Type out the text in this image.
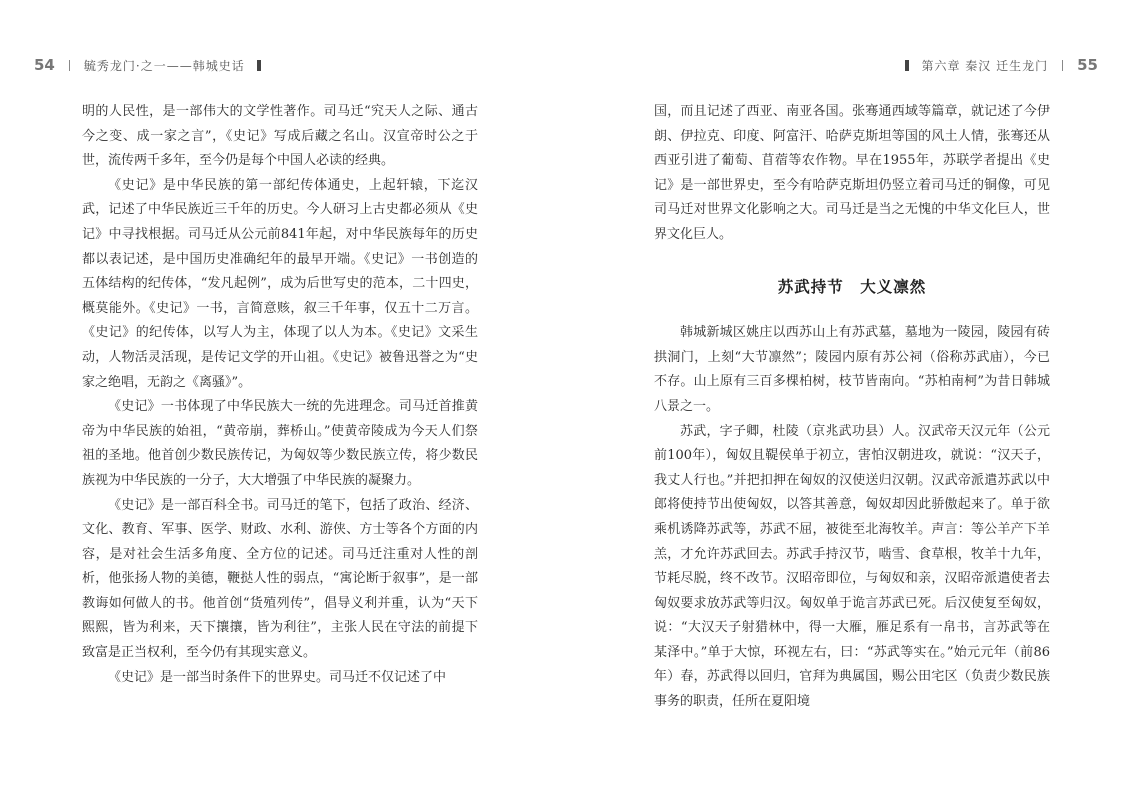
54 毓秀龙门·之一——韩城史话

明的人民性，是一部伟大的文学性著作。司马迁“究天人之际、通古今之变、成一家之言”，《史记》写成后藏之名山。汉宣帝时公之于世，流传两千多年，至今仍是每个中国人必读的经典。

《史记》是中华民族的第一部纪传体通史，上起轩辕，下迄汉武，记述了中华民族近三千年的历史。今人研习上古史都必须从《史记》中寻找根据。司马迁从公元前841年起，对中华民族每年的历史都以表记述，是中国历史准确纪年的最早开端。《史记》一书创造的五体结构的纪传体，“发凡起例”，成为后世写史的范本，二十四史，概莫能外。《史记》一书，言简意赅，叙三千年事，仅五十二万言。《史记》的纪传体，以写人为主，体现了以人为本。《史记》文采生动，人物活灵活现，是传记文学的开山祖。《史记》被鲁迅誉之为“史家之绝唱，无韵之《离骚》”。

《史记》一书体现了中华民族大一统的先进理念。司马迁首推黄帝为中华民族的始祖，“黄帝崩，葬桥山。”使黄帝陵成为今天人们祭祖的圣地。他首创少数民族传记，为匈奴等少数民族立传，将少数民族视为中华民族的一分子，大大增强了中华民族的凝聚力。

《史记》是一部百科全书。司马迁的笔下，包括了政治、经济、文化、教育、军事、医学、财政、水利、游侠、方士等各个方面的内容，是对社会生活多角度、全方位的记述。司马迁注重对人性的剖析，他张扬人物的美德，鞭挞人性的弱点，“寓论断于叙事”，是一部教诲如何做人的书。他首创“货殖列传”，倡导义利并重，认为“天下熙熙，皆为利来，天下攘攘，皆为利往”，主张人民在守法的前提下致富是正当权利，至今仍有其现实意义。

《史记》是一部当时条件下的世界史。司马迁不仅记述了中

第六章 秦汉 迁生龙门 55

国，而且记述了西亚、南亚各国。张骞通西域等篇章，就记述了今伊朗、伊拉克、印度、阿富汗、哈萨克斯坦等国的风土人情，张骞还从西亚引进了葡萄、苜蓿等农作物。早在1955年，苏联学者提出《史记》是一部世界史，至今有哈萨克斯坦仍竖立着司马迁的铜像，可见司马迁对世界文化影响之大。司马迁是当之无愧的中华文化巨人，世界文化巨人。

苏武持节　大义凛然

韩城新城区姚庄以西苏山上有苏武墓，墓地为一陵园，陵园有砖拱洞门，上刻“大节凛然”；陵园内原有苏公祠（俗称苏武庙），今已不存。山上原有三百多棵柏树，枝节皆南向。“苏柏南柯”为昔日韩城八景之一。

苏武，字子卿，杜陵（京兆武功县）人。汉武帝天汉元年（公元前100年），匈奴且鞮侯单于初立，害怕汉朝进攻，就说：“汉天子，我丈人行也。”并把扣押在匈奴的汉使送归汉朝。汉武帝派遣苏武以中郎将使持节出使匈奴，以答其善意，匈奴却因此骄傲起来了。单于欲乘机诱降苏武等，苏武不屈，被徙至北海牧羊。声言：等公羊产下羊羔，才允许苏武回去。苏武手持汉节，啮雪、食草根，牧羊十九年，节耗尽脱，终不改节。汉昭帝即位，与匈奴和亲，汉昭帝派遣使者去匈奴要求放苏武等归汉。匈奴单于诡言苏武已死。后汉使复至匈奴，说：“大汉天子射猎林中，得一大雁，雁足系有一帛书，言苏武等在某泽中。”单于大惊，环视左右，曰：“苏武等实在。”始元元年（前86年）春，苏武得以回归，官拜为典属国，赐公田宅区（负责少数民族事务的职责，任所在夏阳境
